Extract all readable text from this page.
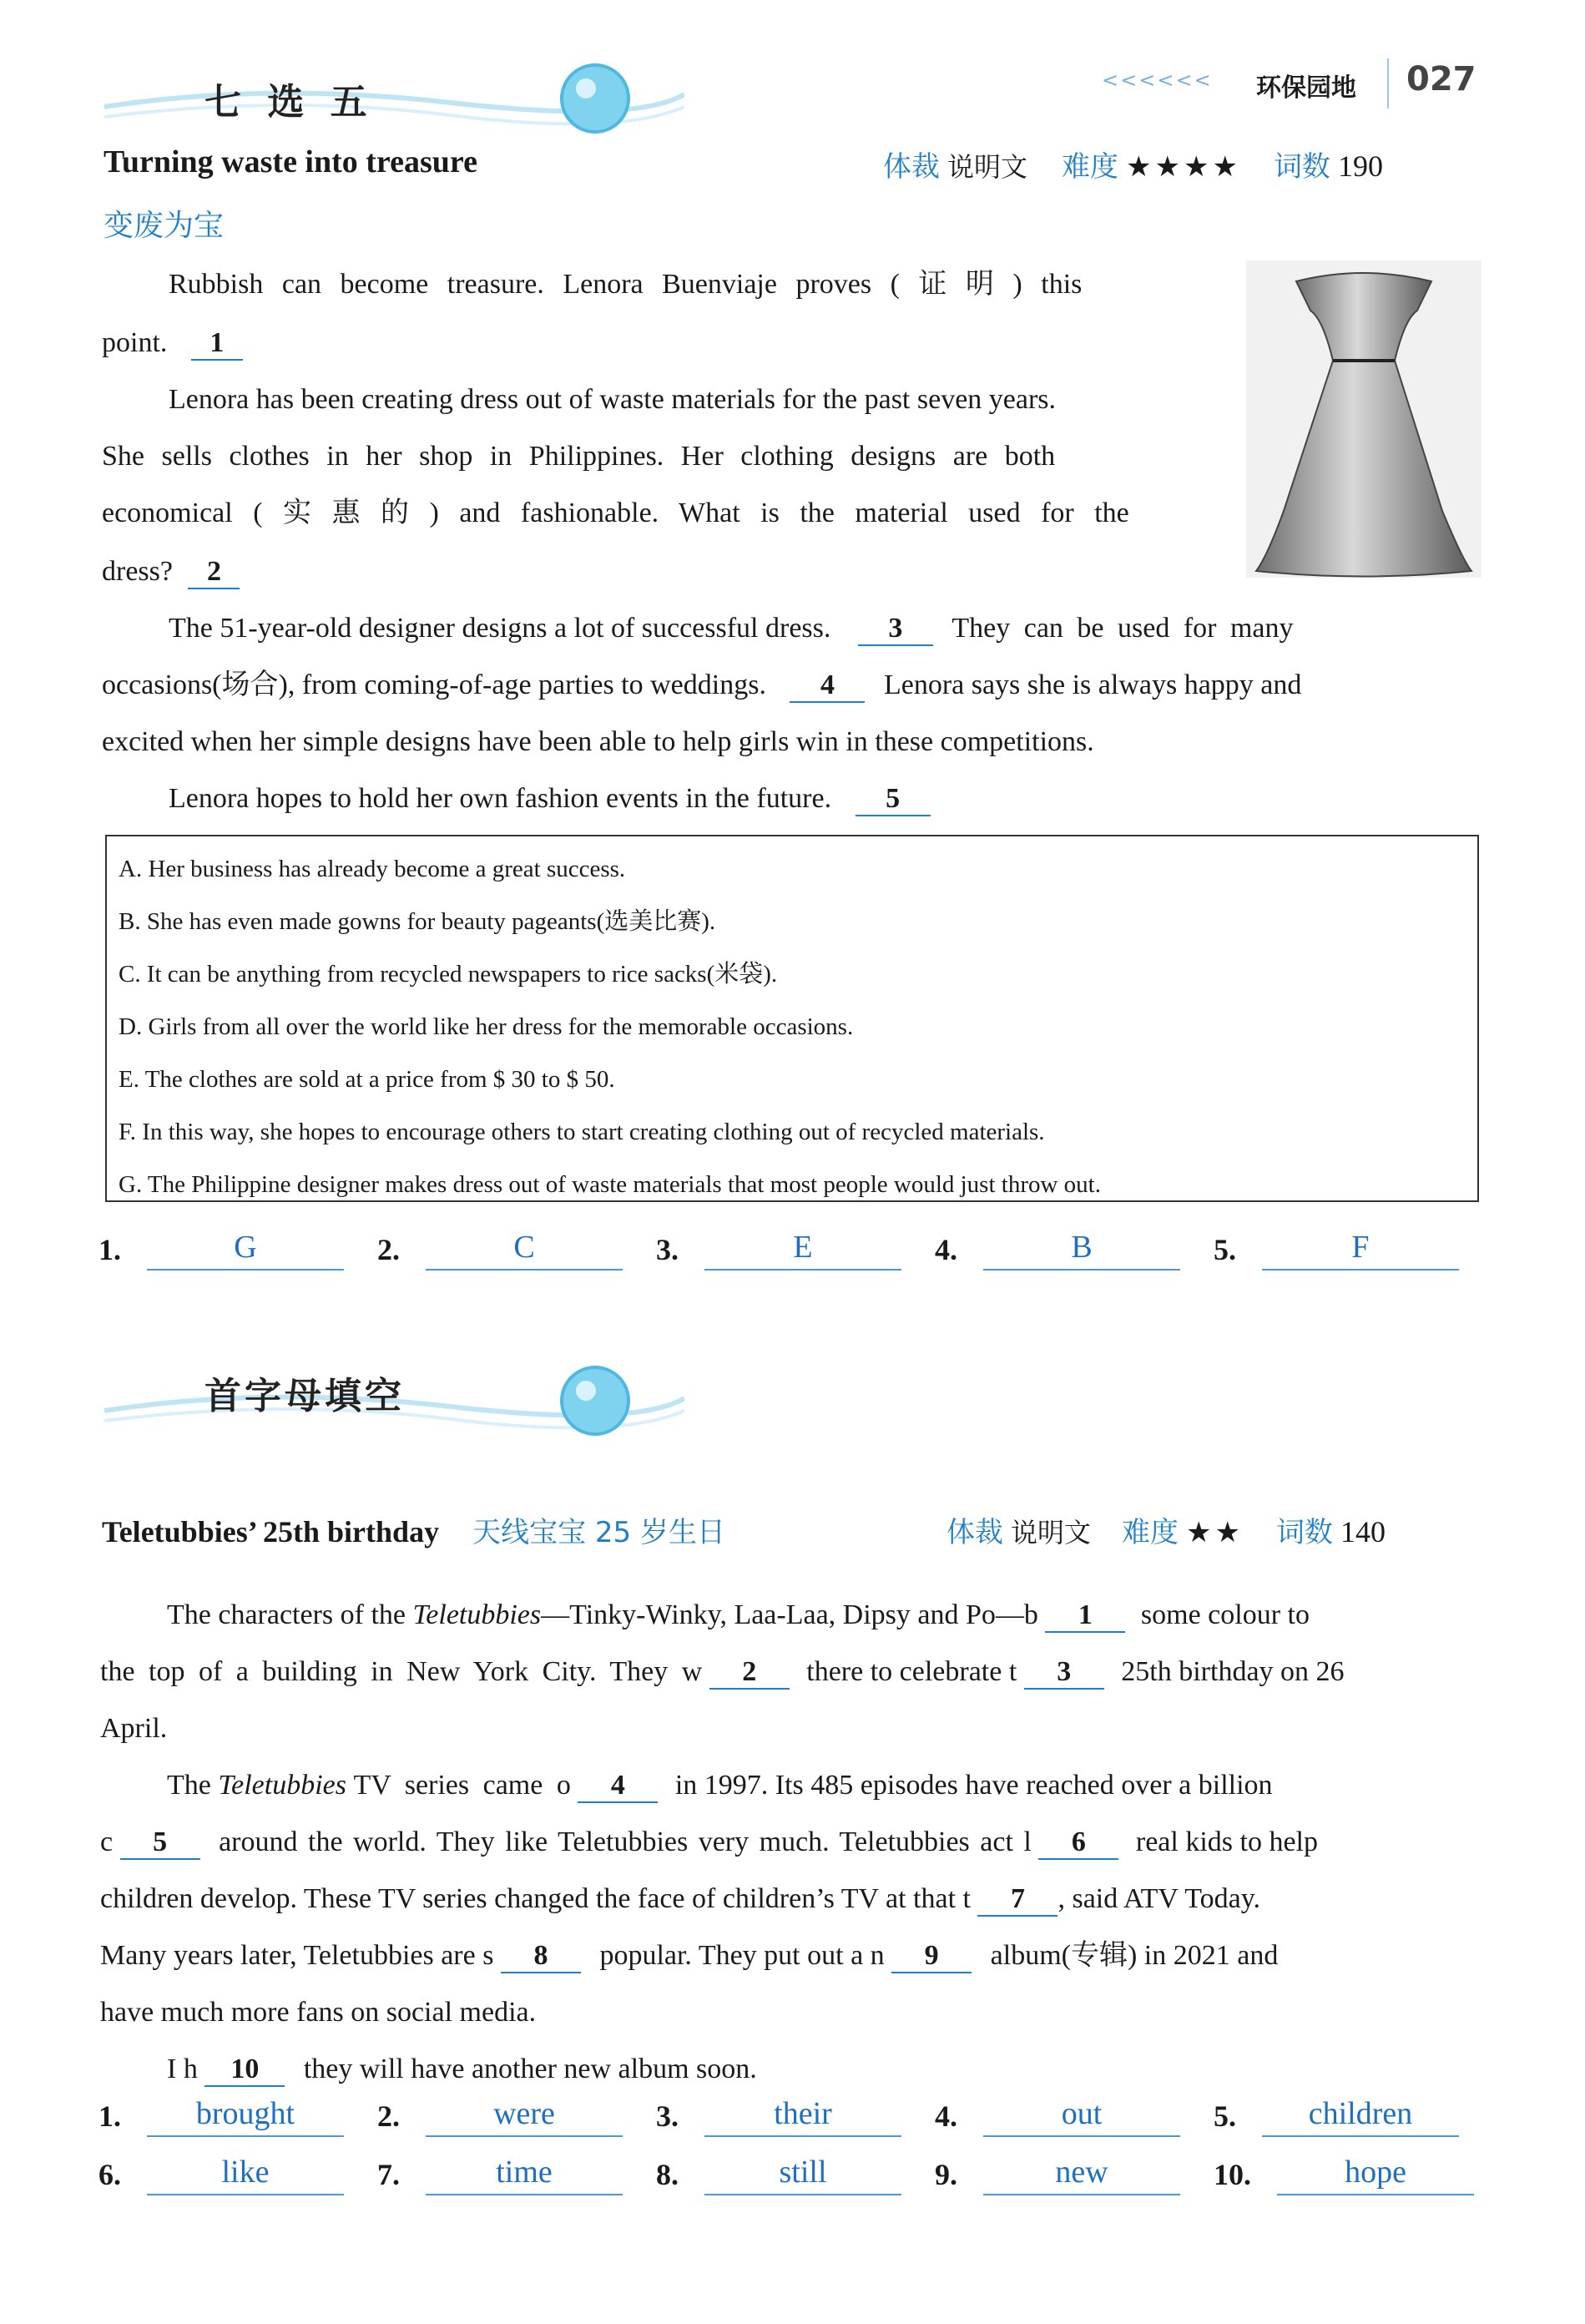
<<<<<< 环保园地 027
七 选 五
Turning waste into treasure	体裁 说明文 难度 ★★★★ 词数 190
变废为宝
Rubbish can become treasure. Lenora Buenviaje proves ( 证 明 ) this
point. 1
Lenora has been creating dress out of waste materials for the past seven years.
She sells clothes in her shop in Philippines. Her clothing designs are both
economical ( 实 惠 的 ) and fashionable. What is the material used for the
dress? 2
The 51-year-old designer designs a lot of successful dress. 3 They can be used for many
occasions(场合), from coming-of-age parties to weddings. 4 Lenora says she is always happy and
excited when her simple designs have been able to help girls win in these competitions.
Lenora hopes to hold her own fashion events in the future. 5
A. Her business has already become a great success.
B. She has even made gowns for beauty pageants(选美比赛).
C. It can be anything from recycled newspapers to rice sacks(米袋).
D. Girls from all over the world like her dress for the memorable occasions.
E. The clothes are sold at a price from $ 30 to $ 50.
F. In this way, she hopes to encourage others to start creating clothing out of recycled materials.
G. The Philippine designer makes dress out of waste materials that most people would just throw out.
1.	G	2.	C	3.	E	4.	B	5.	F
首字母填空
Teletubbies’ 25th birthday 天线宝宝 25 岁生日	体裁 说明文 难度 ★★ 词数 140
The characters of the Teletubbies—Tinky-Winky, Laa-Laa, Dipsy and Po—b 1 some colour to
the top of a building in New York City. They w 2 there to celebrate t 3 25th birthday on 26
April.
The Teletubbies TV series came o 4 in 1997. Its 485 episodes have reached over a billion
c 5 around the world. They like Teletubbies very much. Teletubbies act l 6 real kids to help
children develop. These TV series changed the face of children’s TV at that t 7 , said ATV Today.
Many years later, Teletubbies are s 8 popular. They put out a n 9 album(专辑) in 2021 and
have much more fans on social media.
I h 10 they will have another new album soon.
1.	brought	2.	were	3.	their	4.	out	5.	children
6.	like	7.	time	8.	still	9.	new	10.	hope
